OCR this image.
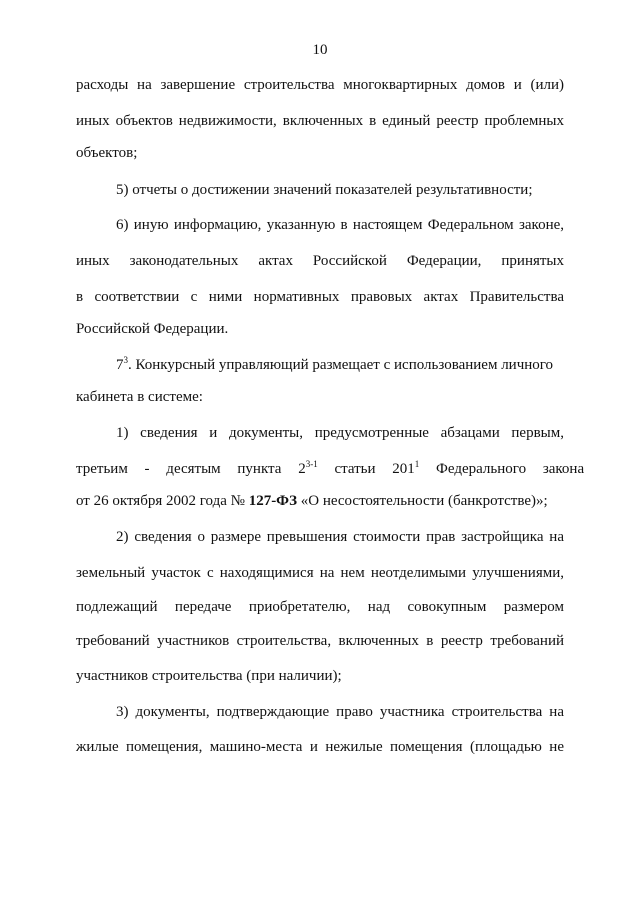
10
расходы на завершение строительства многоквартирных домов и (или)
иных объектов недвижимости, включенных в единый реестр проблемных
объектов;
5) отчеты о достижении значений показателей результативности;
6) иную информацию, указанную в настоящем Федеральном законе,
иных законодательных актах Российской Федерации, принятых
в соответствии с ними нормативных правовых актах Правительства
Российской Федерации.
$7^3$. Конкурсный управляющий размещает с использованием личного
кабинета в системе:
1) сведения и документы, предусмотренные абзацами первым,
третьим - десятым пункта 2$^{3-1}$ статьи $201^1$ Федерального закона
от 26 октября 2002 года № 127-ФЗ «О несостоятельности (банкротстве)»;
2) сведения о размере превышения стоимости прав застройщика на
земельный участок с находящимися на нем неотделимыми улучшениями,
подлежащий передаче приобретателю, над совокупным размером
требований участников строительства, включенных в реестр требований
участников строительства (при наличии);
3) документы, подтверждающие право участника строительства на
жилые помещения, машино-места и нежилые помещения (площадью не
